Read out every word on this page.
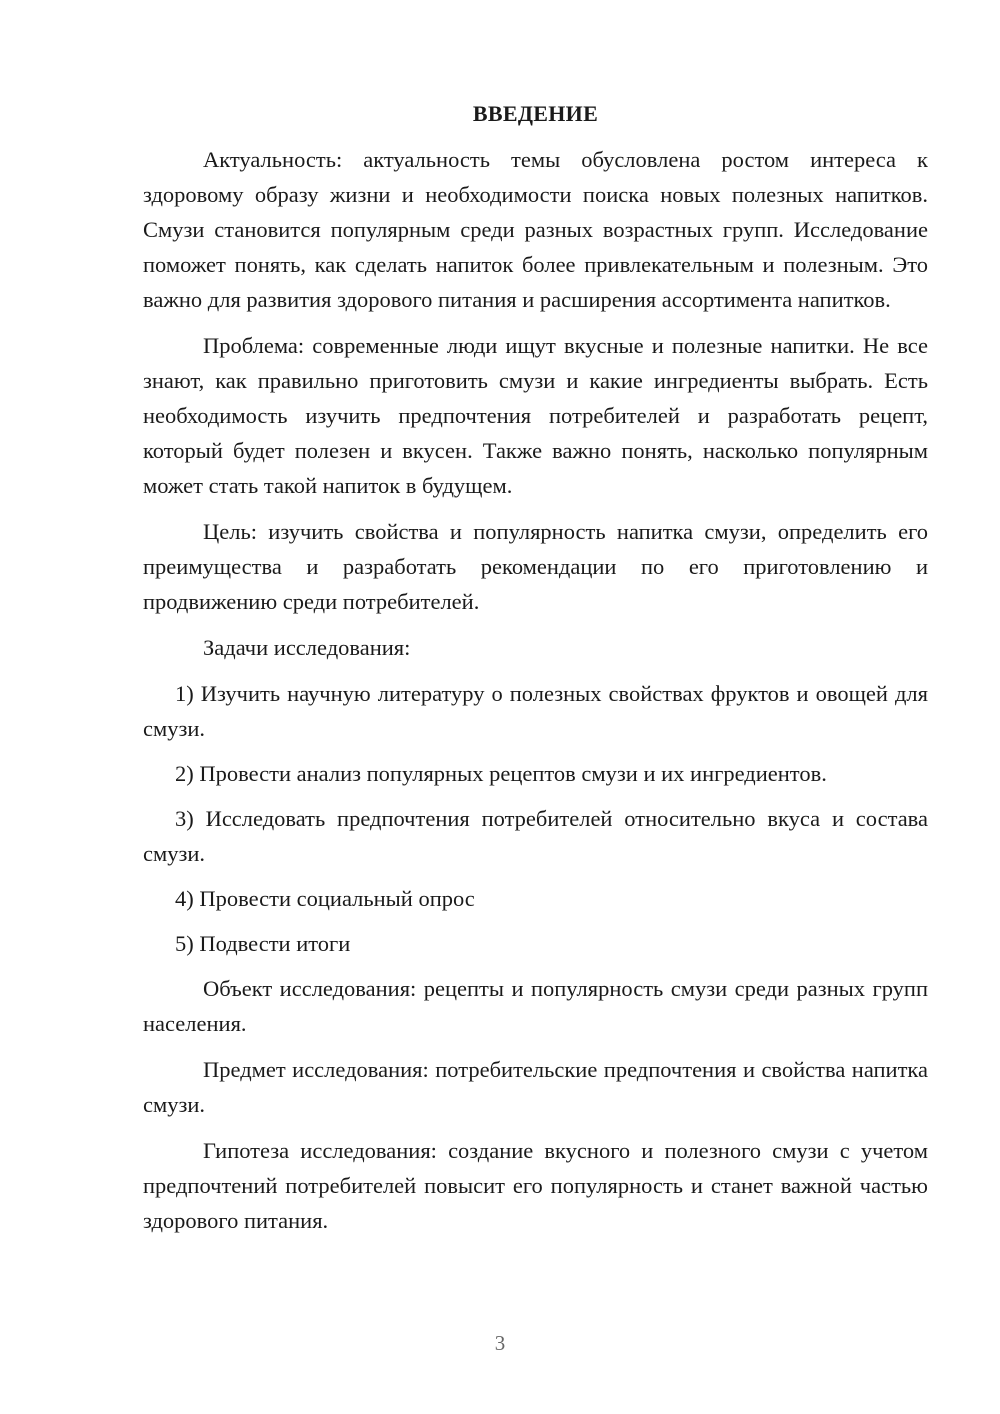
ВВЕДЕНИЕ

Актуальность: актуальность темы обусловлена ростом интереса к здоровому образу жизни и необходимости поиска новых полезных напитков. Смузи становится популярным среди разных возрастных групп. Исследование поможет понять, как сделать напиток более привлекательным и полезным. Это важно для развития здорового питания и расширения ассортимента напитков.

Проблема: современные люди ищут вкусные и полезные напитки. Не все знают, как правильно приготовить смузи и какие ингредиенты выбрать. Есть необходимость изучить предпочтения потребителей и разработать рецепт, который будет полезен и вкусен. Также важно понять, насколько популярным может стать такой напиток в будущем.

Цель: изучить свойства и популярность напитка смузи, определить его преимущества и разработать рекомендации по его приготовлению и продвижению среди потребителей.

Задачи исследования:

1) Изучить научную литературу о полезных свойствах фруктов и овощей для смузи.

2) Провести анализ популярных рецептов смузи и их ингредиентов.

3) Исследовать предпочтения потребителей относительно вкуса и состава смузи.

4) Провести социальный опрос

5) Подвести итоги

Объект исследования: рецепты и популярность смузи среди разных групп населения.

Предмет исследования: потребительские предпочтения и свойства напитка смузи.

Гипотеза исследования: создание вкусного и полезного смузи с учетом предпочтений потребителей повысит его популярность и станет важной частью здорового питания.

3
